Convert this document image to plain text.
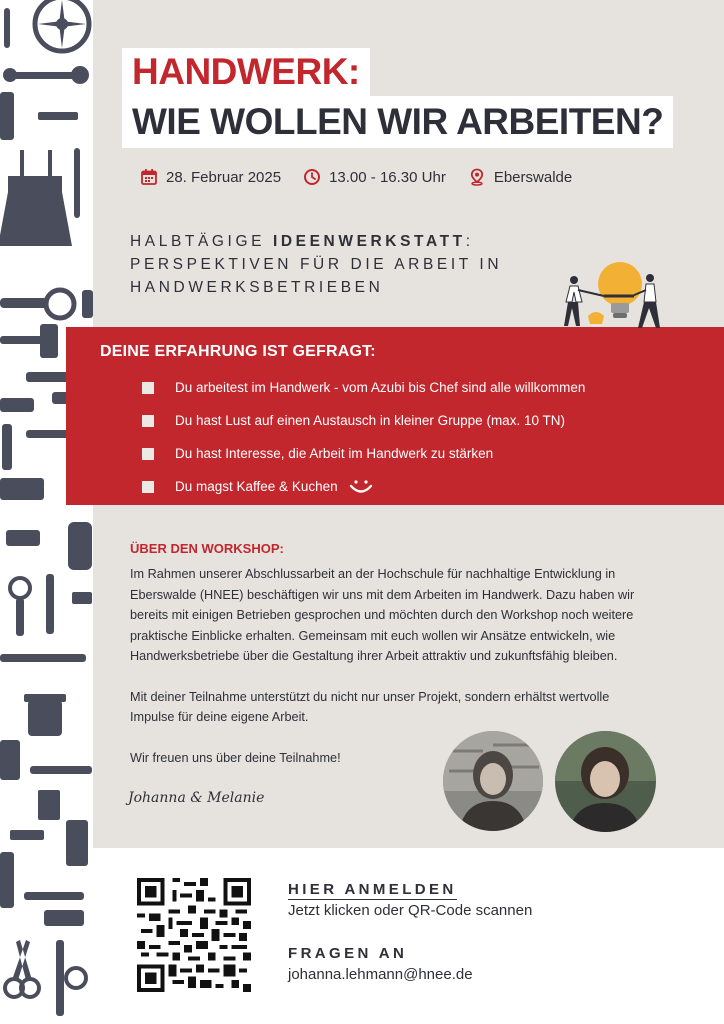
HANDWERK:
WIE WOLLEN WIR ARBEITEN?
28. Februar 2025	13.00 - 16.30 Uhr	Eberswalde
HALBTÄGIGE IDEENWERKSTATT:
PERSPEKTIVEN FÜR DIE ARBEIT IN
HANDWERKSBETRIEBEN
DEINE ERFAHRUNG IST GEFRAGT:
Du arbeitest im Handwerk - vom Azubi bis Chef sind alle willkommen
Du hast Lust auf einen Austausch in kleiner Gruppe (max. 10 TN)
Du hast Interesse, die Arbeit im Handwerk zu stärken
Du magst Kaffee & Kuchen
ÜBER DEN WORKSHOP:

Im Rahmen unserer Abschlussarbeit an der Hochschule für nachhaltige Entwicklung in Eberswalde (HNEE) beschäftigen wir uns mit dem Arbeiten im Handwerk. Dazu haben wir bereits mit einigen Betrieben gesprochen und möchten durch den Workshop noch weitere praktische Einblicke erhalten. Gemeinsam mit euch wollen wir Ansätze entwickeln, wie Handwerksbetriebe über die Gestaltung ihrer Arbeit attraktiv und zukunftsfähig bleiben.

Mit deiner Teilnahme unterstützt du nicht nur unser Projekt, sondern erhältst wertvolle Impulse für deine eigene Arbeit.

Wir freuen uns über deine Teilnahme!

Johanna & Melanie
HIER ANMELDEN
Jetzt klicken oder QR-Code scannen
FRAGEN AN
johanna.lehmann@hnee.de
